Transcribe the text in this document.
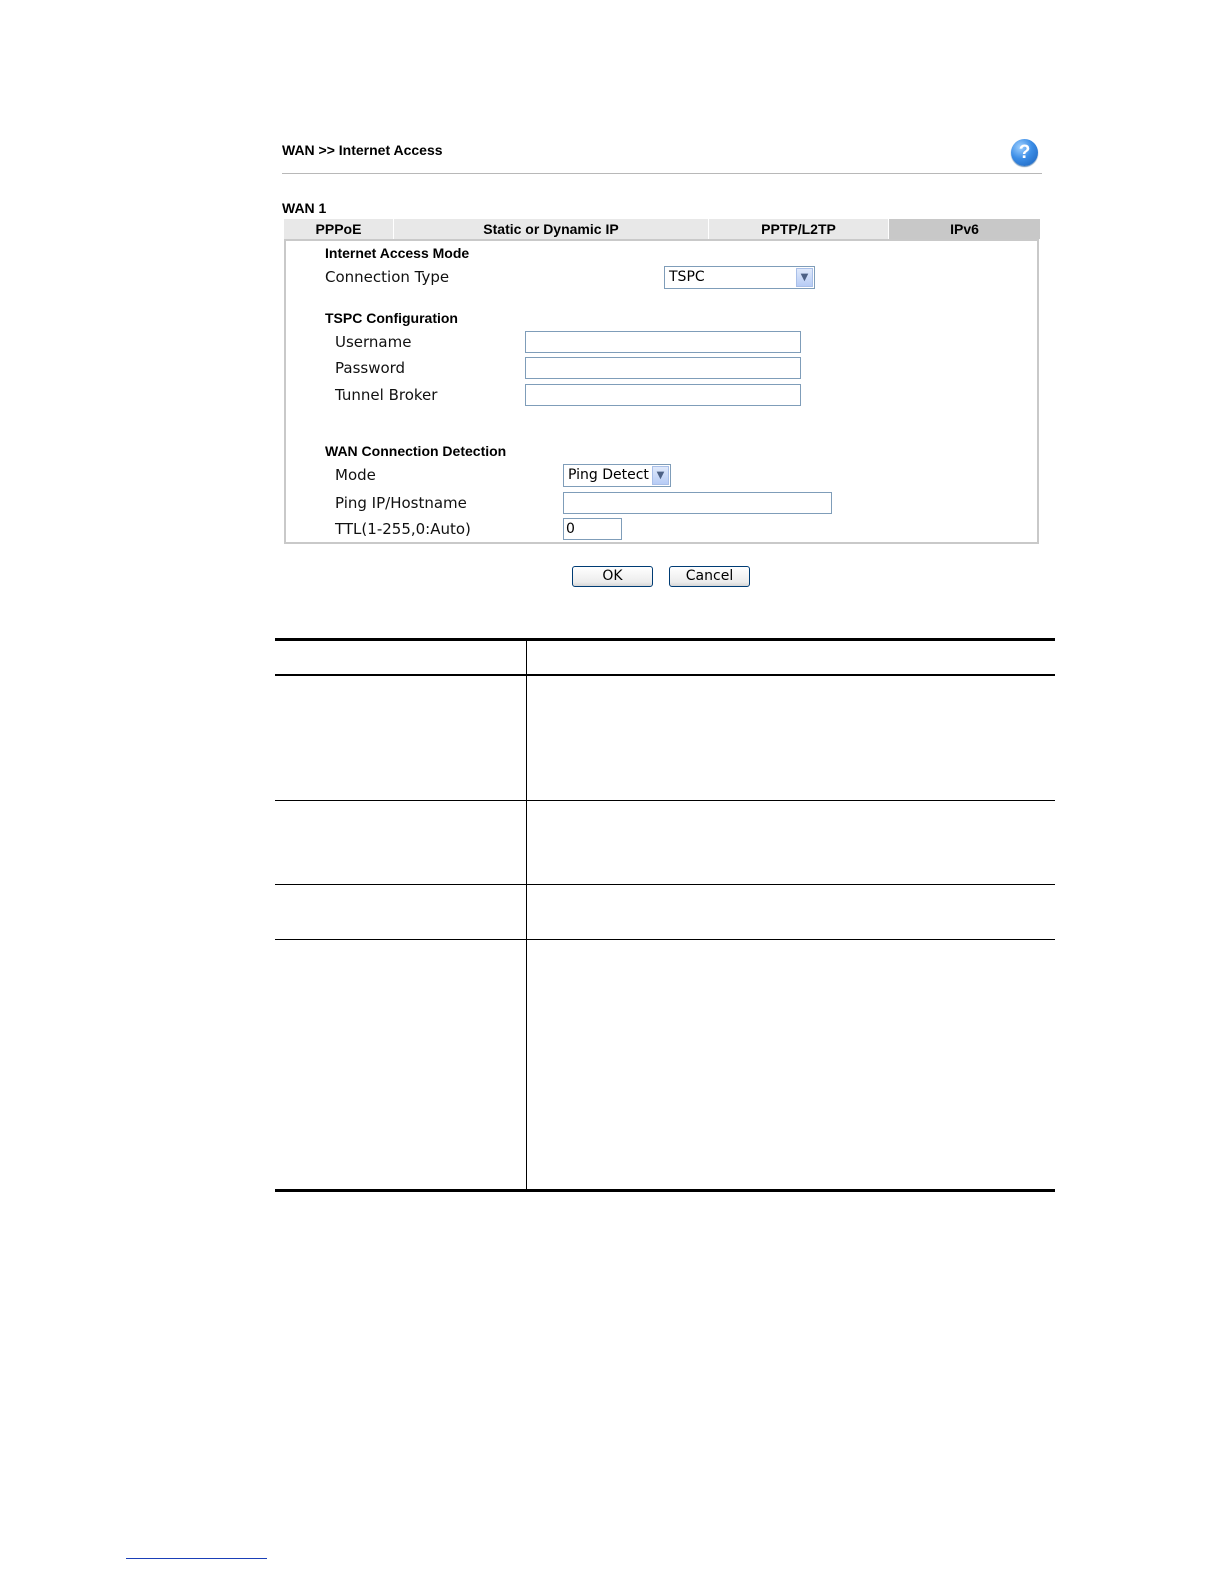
WAN >> Internet Access	?
WAN 1
PPPoE	Static or Dynamic IP	PPTP/L2TP	IPv6
Internet Access Mode
Connection Type	TSPC	▼
TSPC Configuration
Username
Password
Tunnel Broker
WAN Connection Detection
Mode	Ping Detect ▼
Ping IP/Hostname
TTL(1-255,0:Auto)	0
OK	Cancel
